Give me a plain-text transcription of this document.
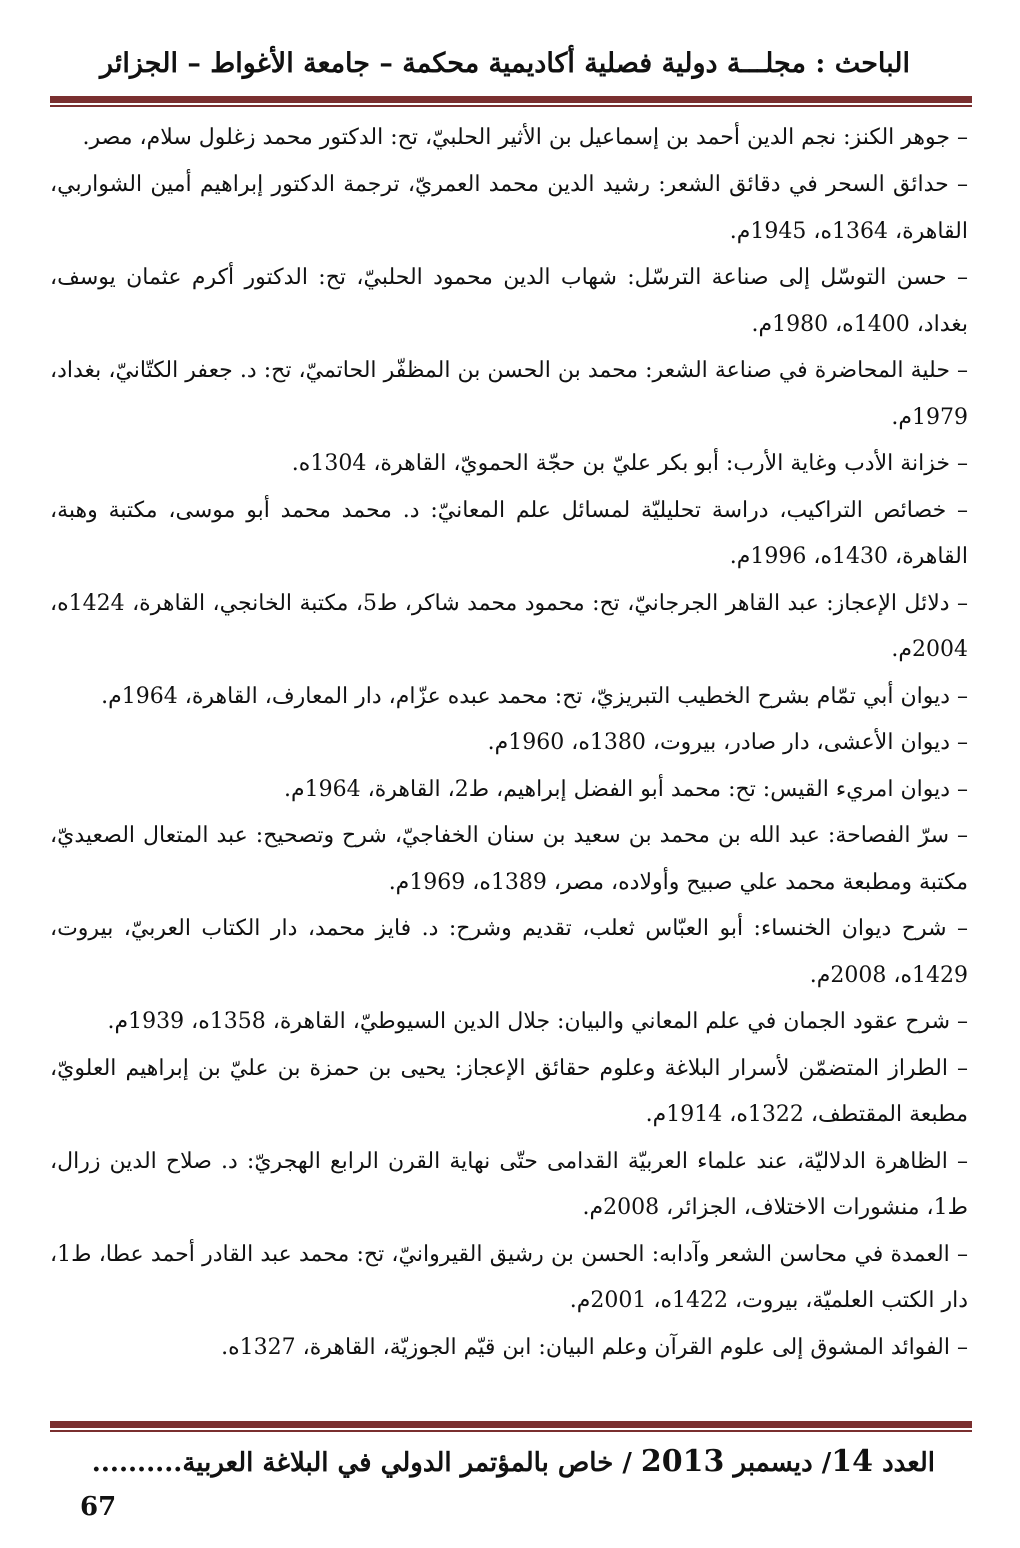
الباحث : مجلـــة دولية فصلية أكاديمية محكمة – جامعة الأغواط – الجزائر
– جوهر الكنز: نجم الدين أحمد بن إسماعيل بن الأثير الحلبيّ، تح: الدكتور محمد زغلول سلام، مصر.
– حدائق السحر في دقائق الشعر: رشيد الدين محمد العمريّ، ترجمة الدكتور إبراهيم أمين الشواربي، القاهرة، 1364ه، 1945م.
– حسن التوسّل إلى صناعة الترسّل: شهاب الدين محمود الحلبيّ، تح: الدكتور أكرم عثمان يوسف، بغداد، 1400ه، 1980م.
– حلية المحاضرة في صناعة الشعر: محمد بن الحسن بن المظفّر الحاتميّ، تح: د. جعفر الكتّانيّ، بغداد، 1979م.
– خزانة الأدب وغاية الأرب: أبو بكر عليّ بن حجّة الحمويّ، القاهرة، 1304ه.
– خصائص التراكيب، دراسة تحليليّة لمسائل علم المعانيّ: د. محمد محمد أبو موسى، مكتبة وهبة، القاهرة، 1430ه، 1996م.
– دلائل الإعجاز: عبد القاهر الجرجانيّ، تح: محمود محمد شاكر، ط5، مكتبة الخانجي، القاهرة، 1424ه، 2004م.
– ديوان أبي تمّام بشرح الخطيب التبريزيّ، تح: محمد عبده عزّام، دار المعارف، القاهرة، 1964م.
– ديوان الأعشى، دار صادر، بيروت، 1380ه، 1960م.
– ديوان امريء القيس: تح: محمد أبو الفضل إبراهيم، ط2، القاهرة، 1964م.
– سرّ الفصاحة: عبد الله بن محمد بن سعيد بن سنان الخفاجيّ، شرح وتصحيح: عبد المتعال الصعيديّ، مكتبة ومطبعة محمد علي صبيح وأولاده، مصر، 1389ه، 1969م.
– شرح ديوان الخنساء: أبو العبّاس ثعلب، تقديم وشرح: د. فايز محمد، دار الكتاب العربيّ، بيروت، 1429ه، 2008م.
– شرح عقود الجمان في علم المعاني والبيان: جلال الدين السيوطيّ، القاهرة، 1358ه، 1939م.
– الطراز المتضمّن لأسرار البلاغة وعلوم حقائق الإعجاز: يحيى بن حمزة بن عليّ بن إبراهيم العلويّ، مطبعة المقتطف، 1322ه، 1914م.
– الظاهرة الدلاليّة، عند علماء العربيّة القدامى حتّى نهاية القرن الرابع الهجريّ: د. صلاح الدين زرال، ط1، منشورات الاختلاف، الجزائر، 2008م.
– العمدة في محاسن الشعر وآدابه: الحسن بن رشيق القيروانيّ، تح: محمد عبد القادر أحمد عطا، ط1، دار الكتب العلميّة، بيروت، 1422ه، 2001م.
– الفوائد المشوق إلى علوم القرآن وعلم البيان: ابن قيّم الجوزيّة، القاهرة، 1327ه.
العدد 14/ ديسمبر 2013 / خاص بالمؤتمر الدولي في البلاغة العربية..........
67
